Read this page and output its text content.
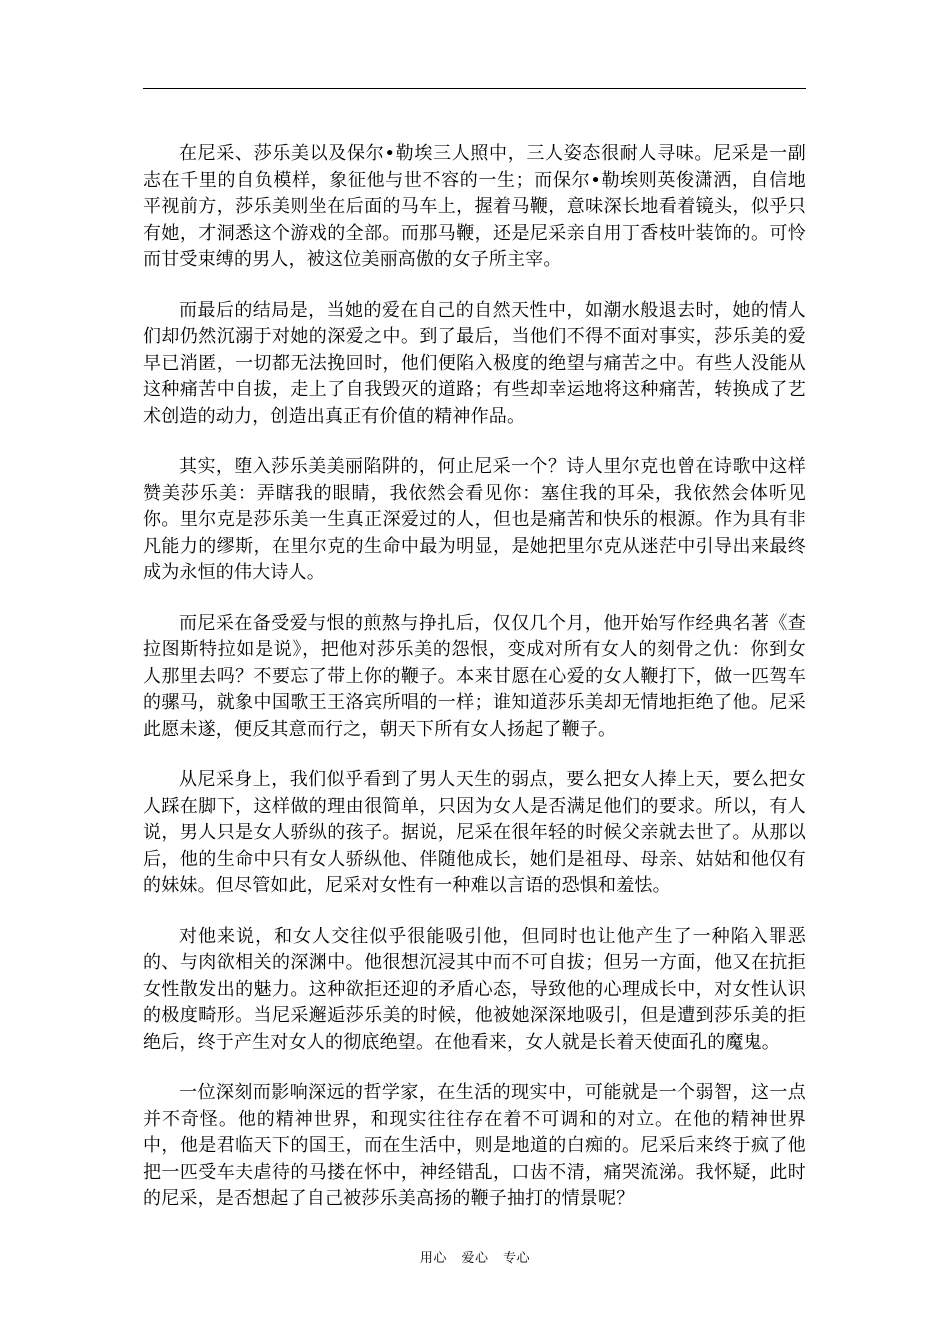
在尼采、莎乐美以及保尔•勒埃三人照中，三人姿态很耐人寻味。尼采是一副志在千里的自负模样，象征他与世不容的一生；而保尔•勒埃则英俊潇洒，自信地平视前方，莎乐美则坐在后面的马车上，握着马鞭，意味深长地看着镜头，似乎只有她，才洞悉这个游戏的全部。而那马鞭，还是尼采亲自用丁香枝叶装饰的。可怜而甘受束缚的男人，被这位美丽高傲的女子所主宰。

而最后的结局是，当她的爱在自己的自然天性中，如潮水般退去时，她的情人们却仍然沉溺于对她的深爱之中。到了最后，当他们不得不面对事实，莎乐美的爱早已消匿，一切都无法挽回时，他们便陷入极度的绝望与痛苦之中。有些人没能从这种痛苦中自拔，走上了自我毁灭的道路；有些却幸运地将这种痛苦，转换成了艺术创造的动力，创造出真正有价值的精神作品。

其实，堕入莎乐美美丽陷阱的，何止尼采一个？诗人里尔克也曾在诗歌中这样赞美莎乐美：弄瞎我的眼睛，我依然会看见你：塞住我的耳朵，我依然会体听见你。里尔克是莎乐美一生真正深爱过的人，但也是痛苦和快乐的根源。作为具有非凡能力的缪斯，在里尔克的生命中最为明显，是她把里尔克从迷茫中引导出来最终成为永恒的伟大诗人。

而尼采在备受爱与恨的煎熬与挣扎后，仅仅几个月，他开始写作经典名著《查拉图斯特拉如是说》，把他对莎乐美的怨恨，变成对所有女人的刻骨之仇：你到女人那里去吗？不要忘了带上你的鞭子。本来甘愿在心爱的女人鞭打下，做一匹驾车的骡马，就象中国歌王王洛宾所唱的一样；谁知道莎乐美却无情地拒绝了他。尼采此愿未遂，便反其意而行之，朝天下所有女人扬起了鞭子。

从尼采身上，我们似乎看到了男人天生的弱点，要么把女人捧上天，要么把女人踩在脚下，这样做的理由很简单，只因为女人是否满足他们的要求。所以，有人说，男人只是女人骄纵的孩子。据说，尼采在很年轻的时候父亲就去世了。从那以后，他的生命中只有女人骄纵他、伴随他成长，她们是祖母、母亲、姑姑和他仅有的妹妹。但尽管如此，尼采对女性有一种难以言语的恐惧和羞怯。

对他来说，和女人交往似乎很能吸引他，但同时也让他产生了一种陷入罪恶的、与肉欲相关的深渊中。他很想沉浸其中而不可自拔；但另一方面，他又在抗拒女性散发出的魅力。这种欲拒还迎的矛盾心态，导致他的心理成长中，对女性认识的极度畸形。当尼采邂逅莎乐美的时候，他被她深深地吸引，但是遭到莎乐美的拒绝后，终于产生对女人的彻底绝望。在他看来，女人就是长着天使面孔的魔鬼。

一位深刻而影响深远的哲学家，在生活的现实中，可能就是一个弱智，这一点并不奇怪。他的精神世界，和现实往往存在着不可调和的对立。在他的精神世界中，他是君临天下的国王，而在生活中，则是地道的白痴的。尼采后来终于疯了他把一匹受车夫虐待的马搂在怀中，神经错乱，口齿不清，痛哭流涕。我怀疑，此时的尼采，是否想起了自己被莎乐美高扬的鞭子抽打的情景呢？

用心 爱心 专心
